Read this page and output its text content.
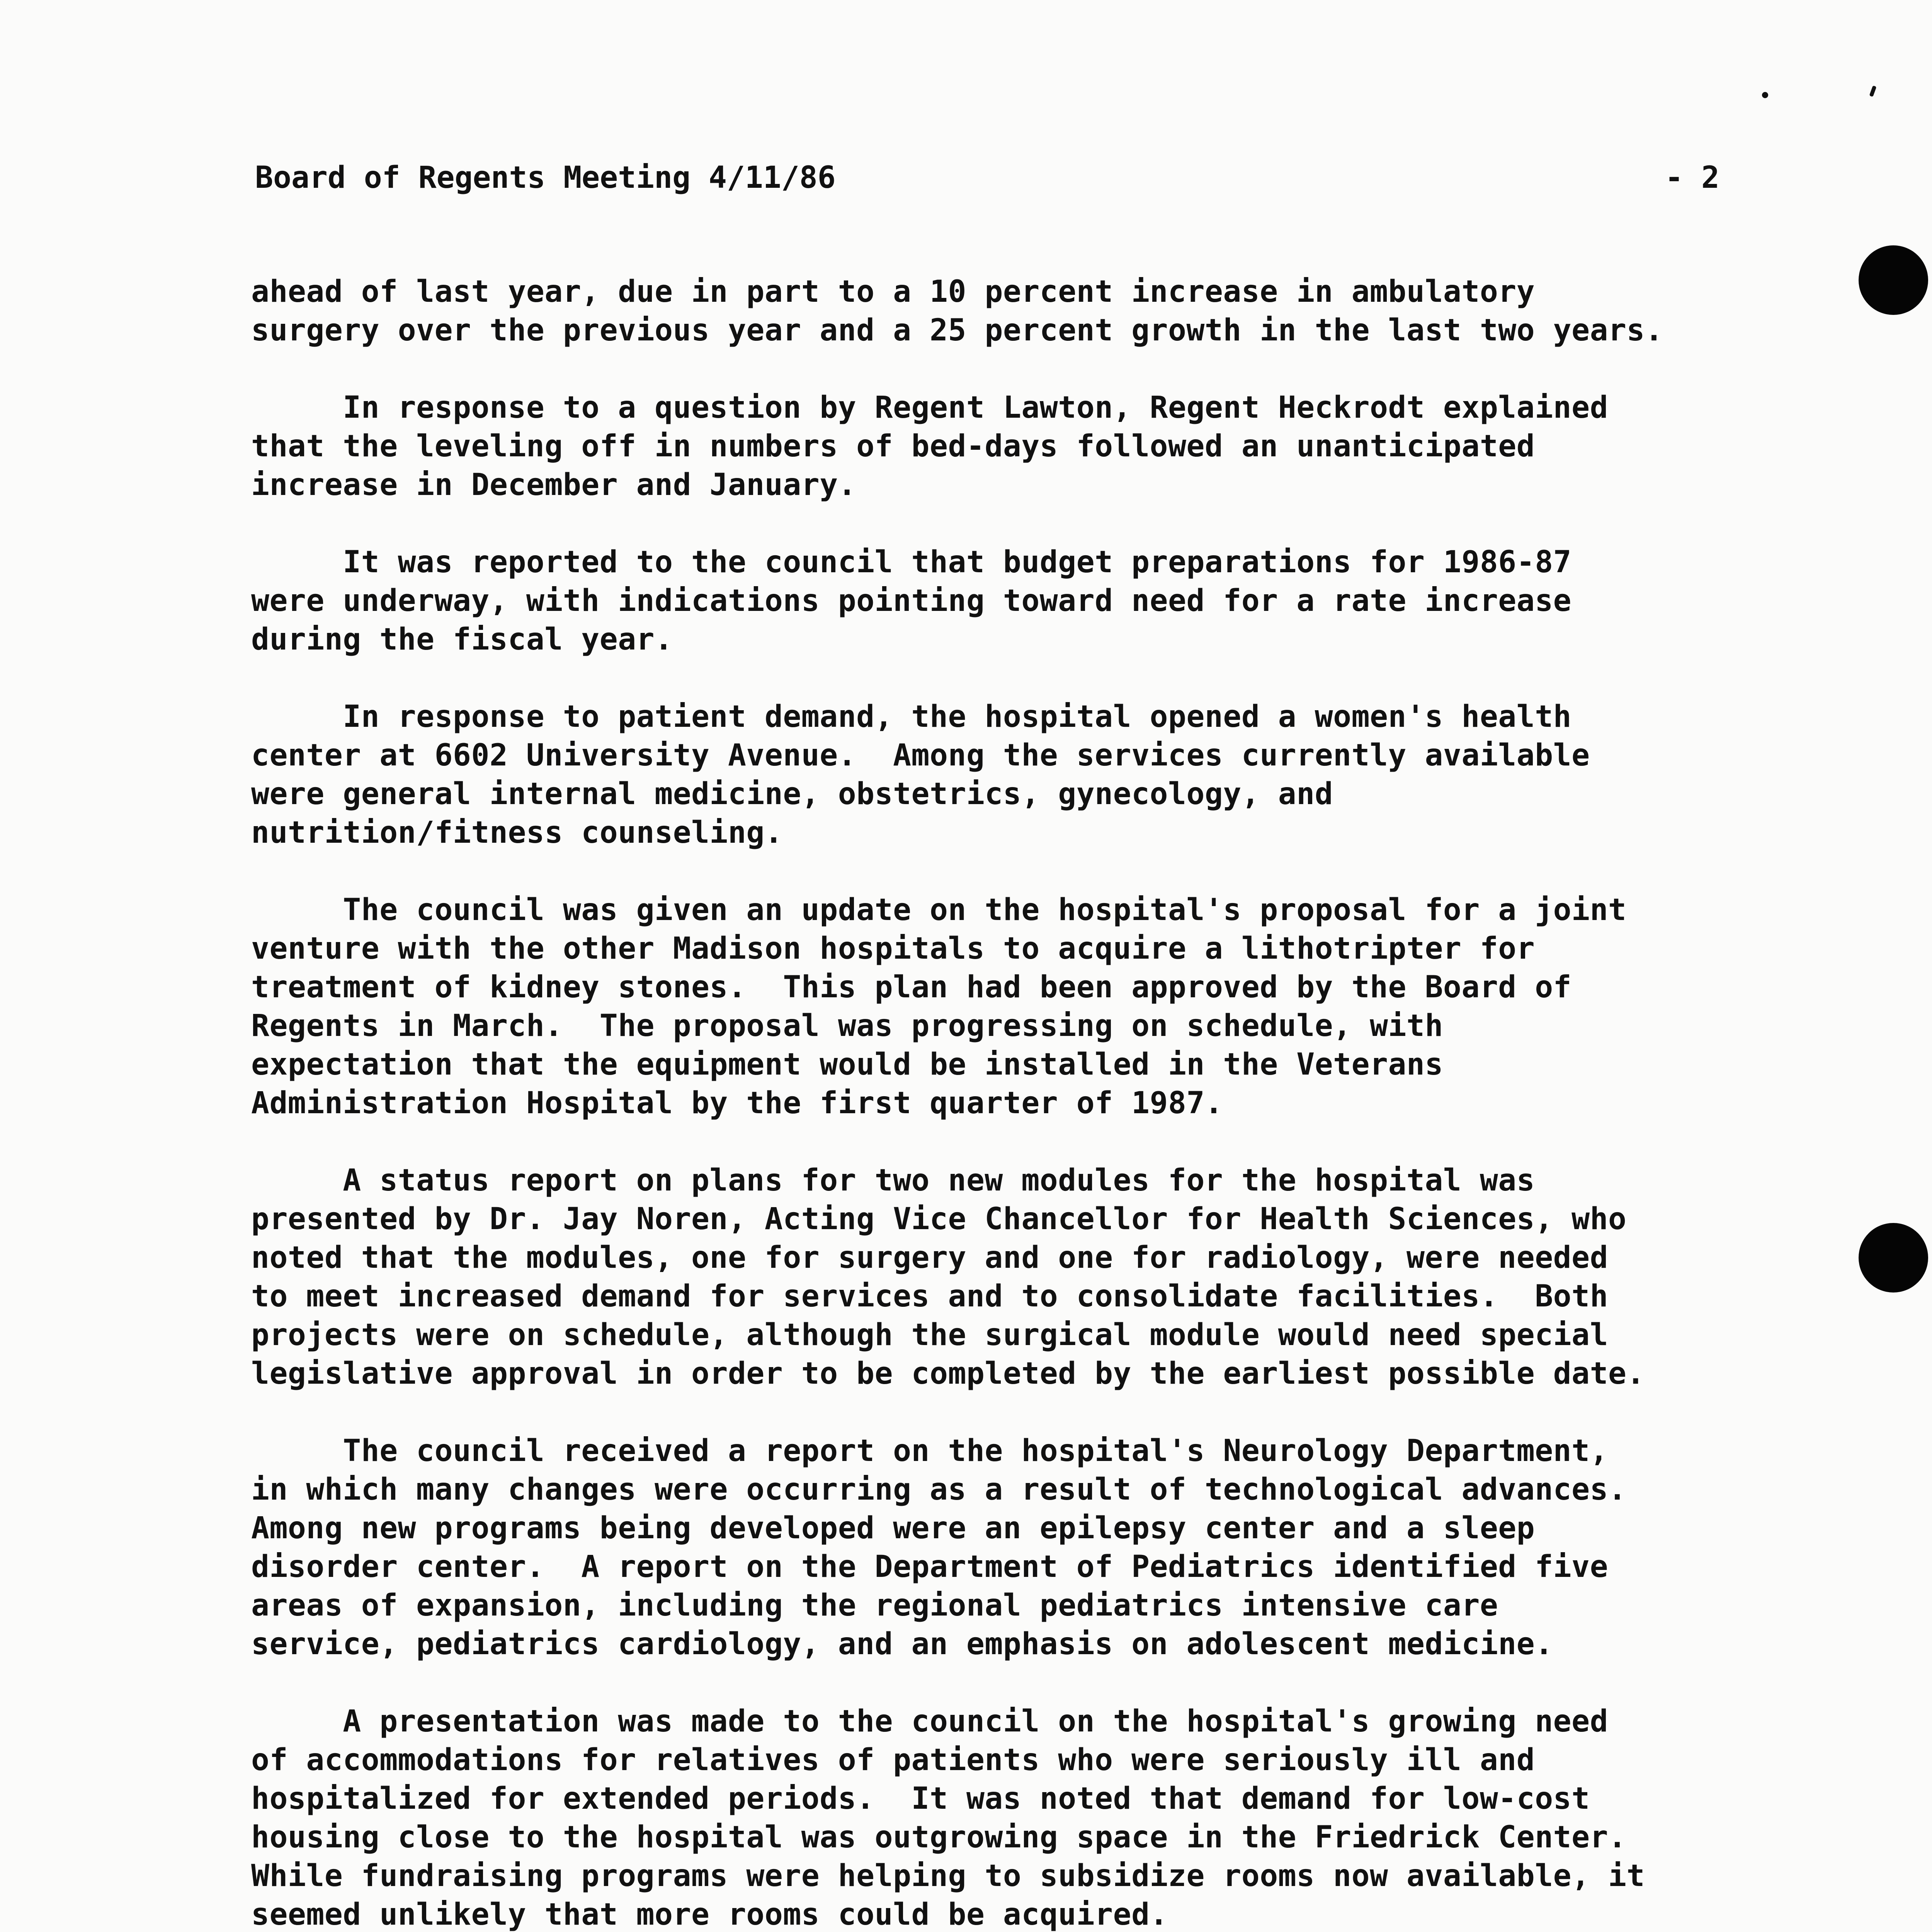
Board of Regents Meeting 4/11/86	- 2

ahead of last year, due in part to a 10 percent increase in ambulatory
surgery over the previous year and a 25 percent growth in the last two years.

In response to a question by Regent Lawton, Regent Heckrodt explained
that the leveling off in numbers of bed-days followed an unanticipated
increase in December and January.

It was reported to the council that budget preparations for 1986-87
were underway, with indications pointing toward need for a rate increase
during the fiscal year.

In response to patient demand, the hospital opened a women's health
center at 6602 University Avenue.  Among the services currently available
were general internal medicine, obstetrics, gynecology, and
nutrition/fitness counseling.

The council was given an update on the hospital's proposal for a joint
venture with the other Madison hospitals to acquire a lithotripter for
treatment of kidney stones.  This plan had been approved by the Board of
Regents in March.  The proposal was progressing on schedule, with
expectation that the equipment would be installed in the Veterans
Administration Hospital by the first quarter of 1987.

A status report on plans for two new modules for the hospital was
presented by Dr. Jay Noren, Acting Vice Chancellor for Health Sciences, who
noted that the modules, one for surgery and one for radiology, were needed
to meet increased demand for services and to consolidate facilities.  Both
projects were on schedule, although the surgical module would need special
legislative approval in order to be completed by the earliest possible date.

The council received a report on the hospital's Neurology Department,
in which many changes were occurring as a result of technological advances.
Among new programs being developed were an epilepsy center and a sleep
disorder center.  A report on the Department of Pediatrics identified five
areas of expansion, including the regional pediatrics intensive care
service, pediatrics cardiology, and an emphasis on adolescent medicine.

A presentation was made to the council on the hospital's growing need
of accommodations for relatives of patients who were seriously ill and
hospitalized for extended periods.  It was noted that demand for low-cost
housing close to the hospital was outgrowing space in the Friedrick Center.
While fundraising programs were helping to subsidize rooms now available, it
seemed unlikely that more rooms could be acquired.
